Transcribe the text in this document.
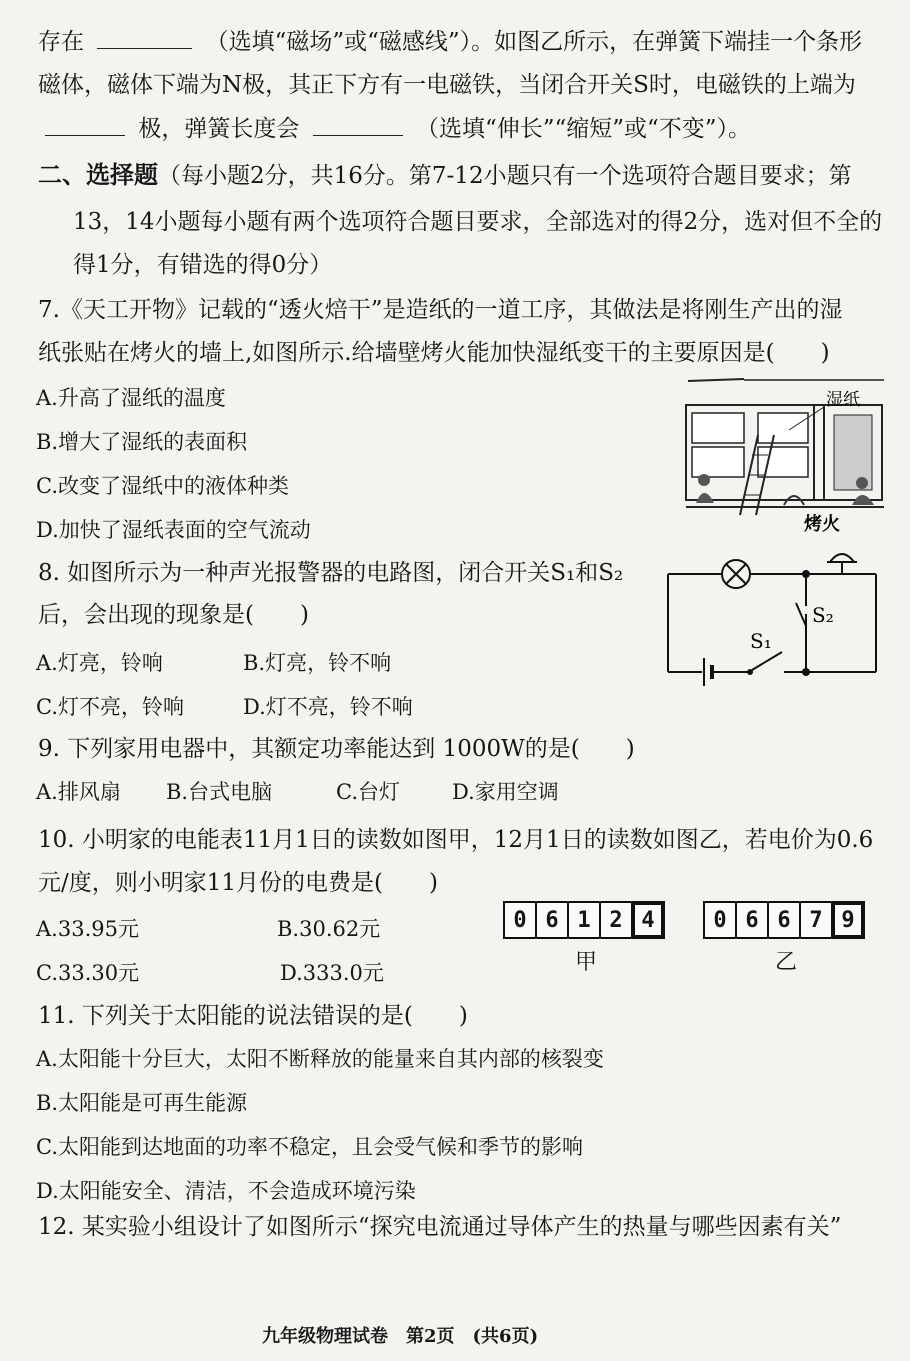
存在	（选填“磁场”或“磁感线”）。如图乙所示，在弹簧下端挂一个条形
磁体，磁体下端为N极，其正下方有一电磁铁，当闭合开关S时，电磁铁的上端为
极，弹簧长度会	（选填“伸长”“缩短”或“不变”）。
二、选择题（每小题2分，共16分。第7-12小题只有一个选项符合题目要求；第
13，14小题每小题有两个选项符合题目要求，全部选对的得2分，选对但不全的
得1分，有错选的得0分）
7.《天工开物》记载的“透火焙干”是造纸的一道工序，其做法是将刚生产出的湿
纸张贴在烤火的墙上,如图所示.给墙壁烤火能加快湿纸变干的主要原因是(　　)
A.升高了湿纸的温度
B.增大了湿纸的表面积
C.改变了湿纸中的液体种类
D.加快了湿纸表面的空气流动
湿纸
烤火
8. 如图所示为一种声光报警器的电路图，闭合开关S₁和S₂
后，会出现的现象是(　　)
A.灯亮，铃响	B.灯亮，铃不响
C.灯不亮，铃响	D.灯不亮，铃不响
S₁
S₂
9. 下列家用电器中，其额定功率能达到 1000W的是(　　)
A.排风扇 B.台式电脑	C.台灯 D.家用空调
10. 小明家的电能表11月1日的读数如图甲，12月1日的读数如图乙，若电价为0.6
元/度，则小明家11月份的电费是(　　)
A.33.95元	B.30.62元
C.33.30元	D.333.0元
0 6 1 2 4
甲
0 6 6 7 9
乙
11. 下列关于太阳能的说法错误的是(　　)
A.太阳能十分巨大，太阳不断释放的能量来自其内部的核裂变
B.太阳能是可再生能源
C.太阳能到达地面的功率不稳定，且会受气候和季节的影响
D.太阳能安全、清洁，不会造成环境污染
12. 某实验小组设计了如图所示“探究电流通过导体产生的热量与哪些因素有关”
九年级物理试卷　第2页　(共6页)
